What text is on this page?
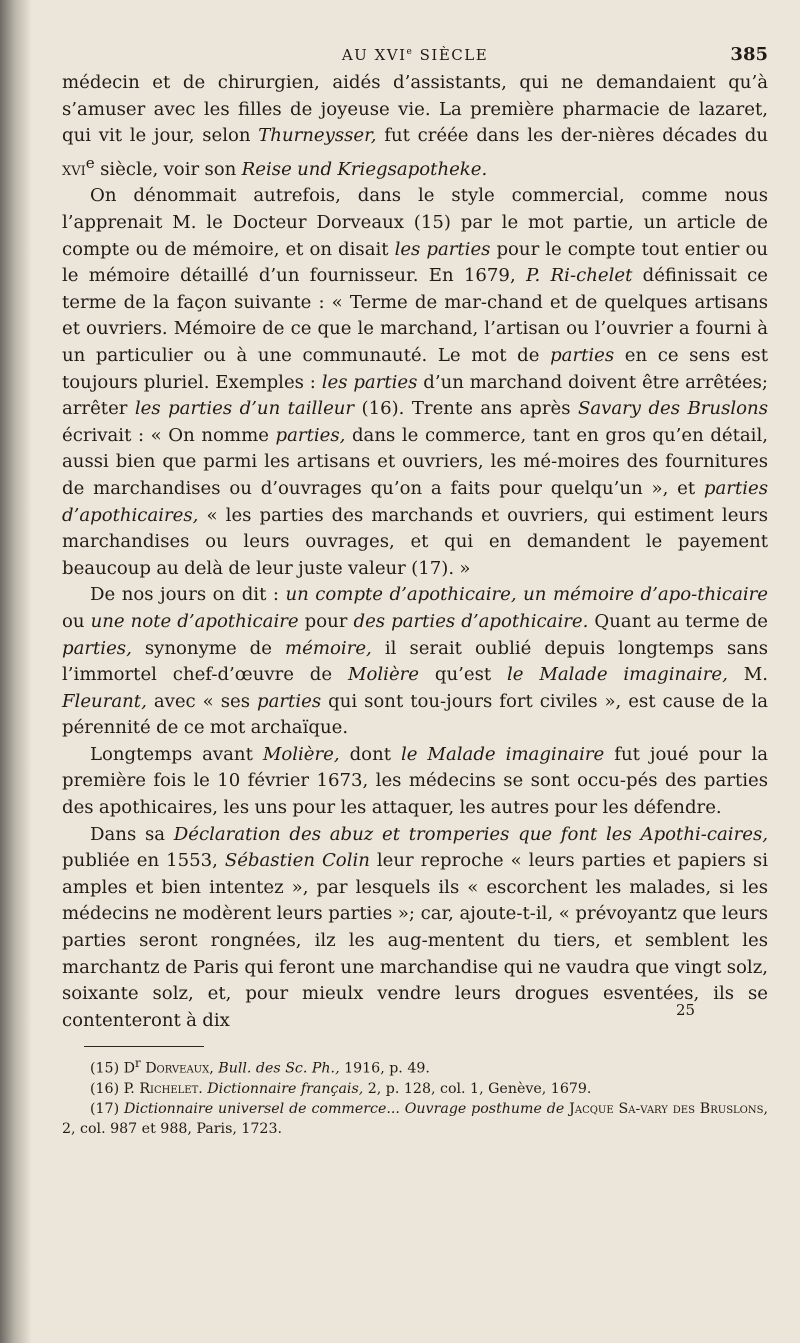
AU XVIe SIÈCLE	385

médecin et de chirurgien, aidés d’assistants, qui ne demandaient qu’à s’amuser avec les filles de joyeuse vie. La première pharmacie de lazaret, qui vit le jour, selon Thurneysser, fut créée dans les der-nières décades du xvi$^e$ siècle, voir son Reise und Kriegsapotheke.

On dénommait autrefois, dans le style commercial, comme nous l’apprenait M. le Docteur Dorveaux (15) par le mot partie, un article de compte ou de mémoire, et on disait les parties pour le compte tout entier ou le mémoire détaillé d’un fournisseur. En 1679, P. Ri-chelet définissait ce terme de la façon suivante : « Terme de mar-chand et de quelques artisans et ouvriers. Mémoire de ce que le marchand, l’artisan ou l’ouvrier a fourni à un particulier ou à une communauté. Le mot de parties en ce sens est toujours pluriel. Exemples : les parties d’un marchand doivent être arrêtées; arrêter les parties d’un tailleur (16). Trente ans après Savary des Bruslons écrivait : « On nomme parties, dans le commerce, tant en gros qu’en détail, aussi bien que parmi les artisans et ouvriers, les mé-moires des fournitures de marchandises ou d’ouvrages qu’on a faits pour quelqu’un », et parties d’apothicaires, « les parties des marchands et ouvriers, qui estiment leurs marchandises ou leurs ouvrages, et qui en demandent le payement beaucoup au delà de leur juste valeur (17). »

De nos jours on dit : un compte d’apothicaire, un mémoire d’apo-thicaire ou une note d’apothicaire pour des parties d’apothicaire. Quant au terme de parties, synonyme de mémoire, il serait oublié depuis longtemps sans l’immortel chef-d’œuvre de Molière qu’est le Malade imaginaire, M. Fleurant, avec « ses parties qui sont tou-jours fort civiles », est cause de la pérennité de ce mot archaïque.

Longtemps avant Molière, dont le Malade imaginaire fut joué pour la première fois le 10 février 1673, les médecins se sont occu-pés des parties des apothicaires, les uns pour les attaquer, les autres pour les défendre.

Dans sa Déclaration des abuz et tromperies que font les Apothi-caires, publiée en 1553, Sébastien Colin leur reproche « leurs parties et papiers si amples et bien intentez », par lesquels ils « escorchent les malades, si les médecins ne modèrent leurs parties »; car, ajoute-t-il, « prévoyantz que leurs parties seront rongnées, ilz les aug-mentent du tiers, et semblent les marchantz de Paris qui feront une marchandise qui ne vaudra que vingt solz, soixante solz, et, pour mieulx vendre leurs drogues esventées, ils se contenteront à dix

(15) $D^r$ Dorveaux, Bull. des Sc. Ph., 1916, p. 49.

(16) P. Richelet. Dictionnaire français, 2, p. 128, col. 1, Genève, 1679.

(17) Dictionnaire universel de commerce... Ouvrage posthume de Jacque Sa-vary des Bruslons, 2, col. 987 et 988, Paris, 1723.

25
